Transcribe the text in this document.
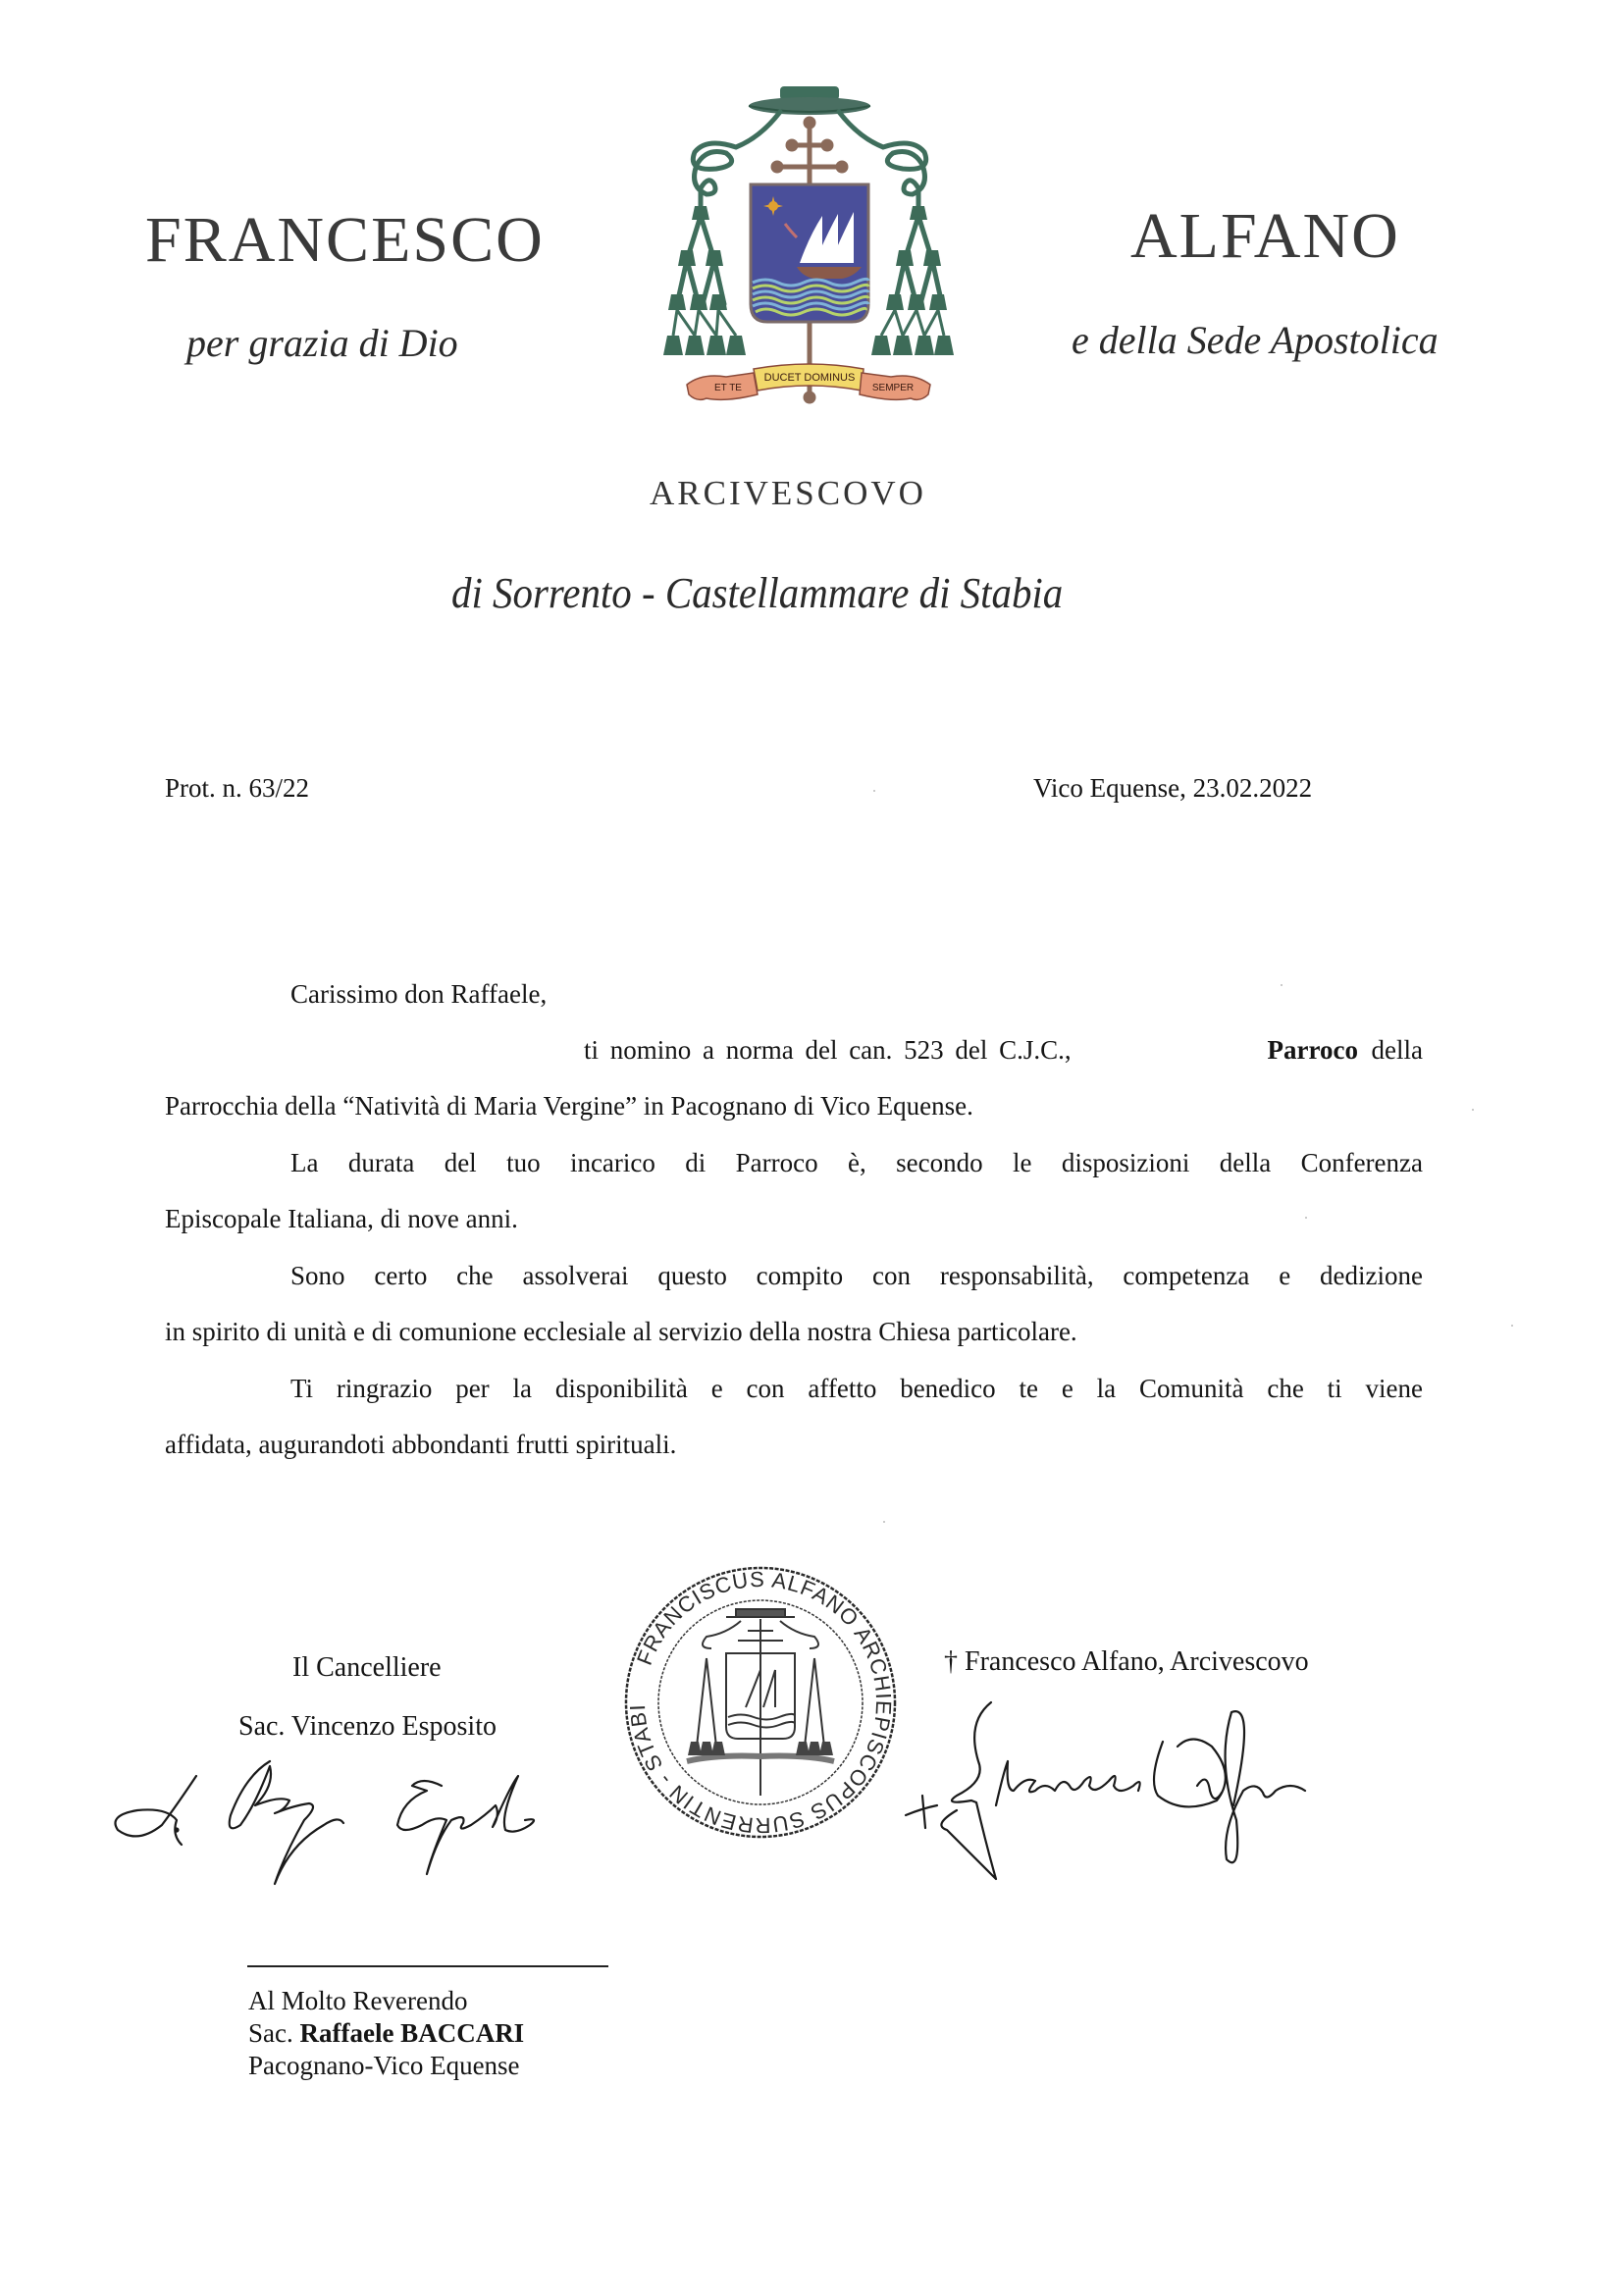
FRANCESCO	ALFANO
per grazia di Dio	e della Sede Apostolica
ARCIVESCOVO
di Sorrento - Castellammare di Stabia
ET TE
DUCET DOMINUS
SEMPER
Prot. n. 63/22	Vico Equense, 23.02.2022
Carissimo don Raffaele,
ti nomino a norma del can. 523 del C.J.C.,	Parroco della
Parrocchia della “Natività di Maria Vergine” in Pacognano di Vico Equense.
La durata del tuo incarico di Parroco è, secondo le disposizioni della Conferenza
Episcopale Italiana, di nove anni.
Sono certo che assolverai questo compito con responsabilità, competenza e dedizione
in spirito di unità e di comunione ecclesiale al servizio della nostra Chiesa particolare.
Ti ringrazio per la disponibilità e con affetto benedico te e la Comunità che ti viene
affidata, augurandoti abbondanti frutti spirituali.
Il Cancelliere
Sac. Vincenzo Esposito
FRANCISCUS ALFANO ARCHIEPISCOPUS SURRENTIN - STABIEN
† Francesco Alfano, Arcivescovo
Al Molto Reverendo
Sac. Raffaele BACCARI
Pacognano-Vico Equense
